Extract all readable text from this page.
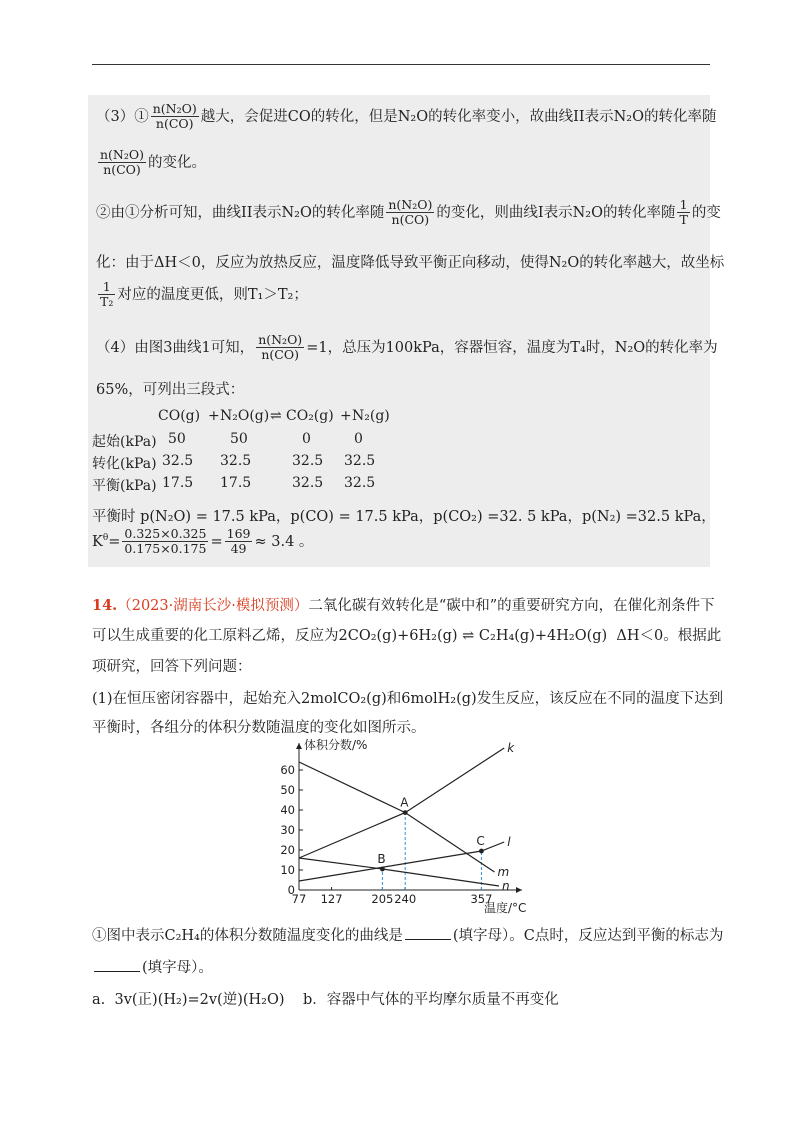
（3）① $\frac{\text{n(N₂O)}}{n(CO)}$ 越大，会促进CO的转化，但是N₂O的转化率变小，故曲线II表示N₂O的转化率随
$\frac{\text{n(N₂O)}}{n(CO)}$ 的变化。
②由①分析可知，曲线II表示N₂O的转化率随 $\frac{\text{n(N₂O)}}{n(CO)}$ 的变化，则曲线I表示N₂O的转化率随 $\frac{1}{T}$ 的变
化：由于ΔH＜0，反应为放热反应，温度降低导致平衡正向移动，使得N₂O的转化率越大，故坐标
$\frac{1}{\text{T₂}}$ 对应的温度更低，则T₁＞T₂；
（4）由图3曲线1可知， $\frac{\text{n(N₂O)}}{n(CO)} =1$，总压为100kPa，容器恒容，温度为T₄时，N₂O的转化率为
65%，可列出三段式：
CO(g) + N₂O(g) ⇌ CO₂(g) + N₂(g)
起始(kPa) 50	50	0	0
转化(kPa) 32.5 32.5	32.5 32.5
平衡(kPa) 17.5 17.5	32.5 32.5
平衡时 p(N₂O) = 17.5 kPa，p(CO) = 17.5 kPa，p(CO₂) =32. 5 kPa，p(N₂) =32.5 kPa，
$K^\theta= \frac{0.325\times 0.325}{0.175\times 0.175} = \frac{169}{49} \approx 3.4$ 。
14.（2023·湖南长沙·模拟预测）二氧化碳有效转化是“碳中和”的重要研究方向，在催化剂条件下
可以生成重要的化工原料乙烯，反应为2CO₂(g)+6H₂(g) ⇌ C₂H₄(g)+4H₂O(g) ΔH＜0。根据此
项研究，回答下列问题：
(1)在恒压密闭容器中，起始充入2molCO₂(g)和6molH₂(g)发生反应，该反应在不同的温度下达到
平衡时，各组分的体积分数随温度的变化如图所示。
0
10
20
30
40
50
60
77 127	205 240	357
k
m
l
n
A
B
C
体积分数/%
温度/°C
①图中表示C₂H₄的体积分数随温度变化的曲线是	(填字母）。C点时，反应达到平衡的标志为
(填字母）。
a. 3v(正)(H₂)=2v(逆)(H₂O) b．容器中气体的平均摩尔质量不再变化
